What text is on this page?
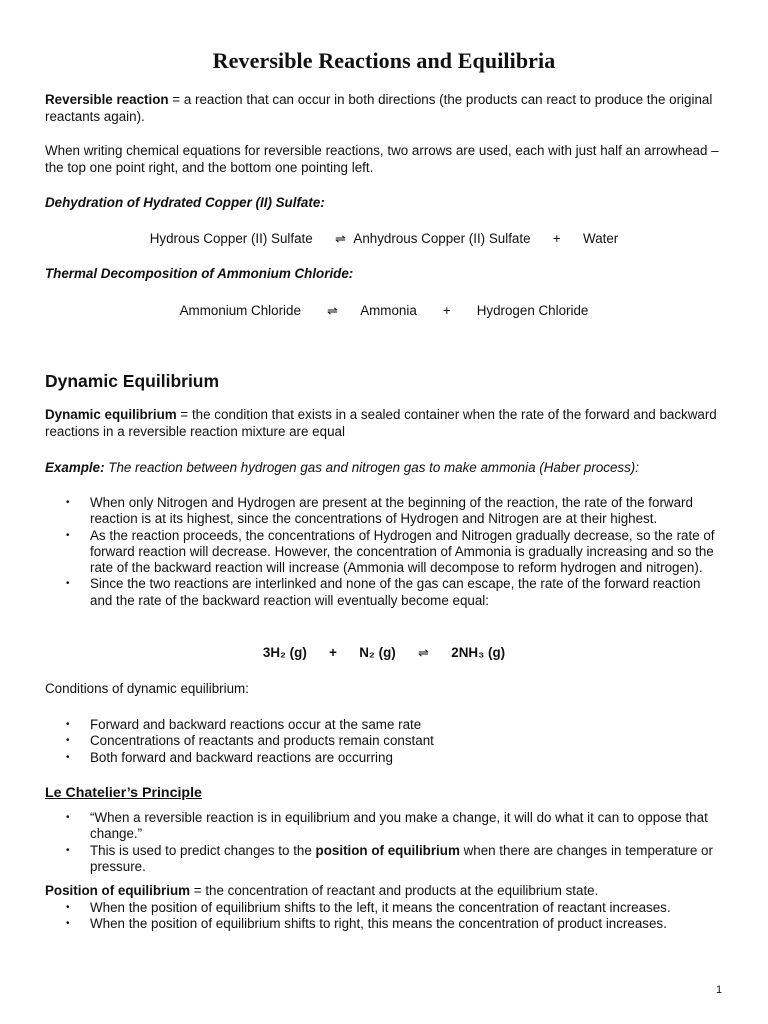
Reversible Reactions and Equilibria

Reversible reaction = a reaction that can occur in both directions (the products can react to produce the original reactants again).

When writing chemical equations for reversible reactions, two arrows are used, each with just half an arrowhead – the top one point right, and the bottom one pointing left.

Dehydration of Hydrated Copper (II) Sulfate:

Hydrous Copper (II) Sulfate ⇌ Anhydrous Copper (II) Sulfate + Water

Thermal Decomposition of Ammonium Chloride:

Ammonium Chloride ⇌ Ammonia + Hydrogen Chloride

Dynamic Equilibrium

Dynamic equilibrium = the condition that exists in a sealed container when the rate of the forward and backward reactions in a reversible reaction mixture are equal

Example: The reaction between hydrogen gas and nitrogen gas to make ammonia (Haber process):

• When only Nitrogen and Hydrogen are present at the beginning of the reaction, the rate of the forward reaction is at its highest, since the concentrations of Hydrogen and Nitrogen are at their highest.
• As the reaction proceeds, the concentrations of Hydrogen and Nitrogen gradually decrease, so the rate of forward reaction will decrease. However, the concentration of Ammonia is gradually increasing and so the rate of the backward reaction will increase (Ammonia will decompose to reform hydrogen and nitrogen).
• Since the two reactions are interlinked and none of the gas can escape, the rate of the forward reaction and the rate of the backward reaction will eventually become equal:

3H₂ (g) + N₂ (g) ⇌ 2NH₃ (g)

Conditions of dynamic equilibrium:

• Forward and backward reactions occur at the same rate
• Concentrations of reactants and products remain constant
• Both forward and backward reactions are occurring
Le Chatelier’s Principle
• “When a reversible reaction is in equilibrium and you make a change, it will do what it can to oppose that change.”
• This is used to predict changes to the position of equilibrium when there are changes in temperature or pressure.

Position of equilibrium = the concentration of reactant and products at the equilibrium state.

• When the position of equilibrium shifts to the left, it means the concentration of reactant increases.
• When the position of equilibrium shifts to right, this means the concentration of product increases.
1
